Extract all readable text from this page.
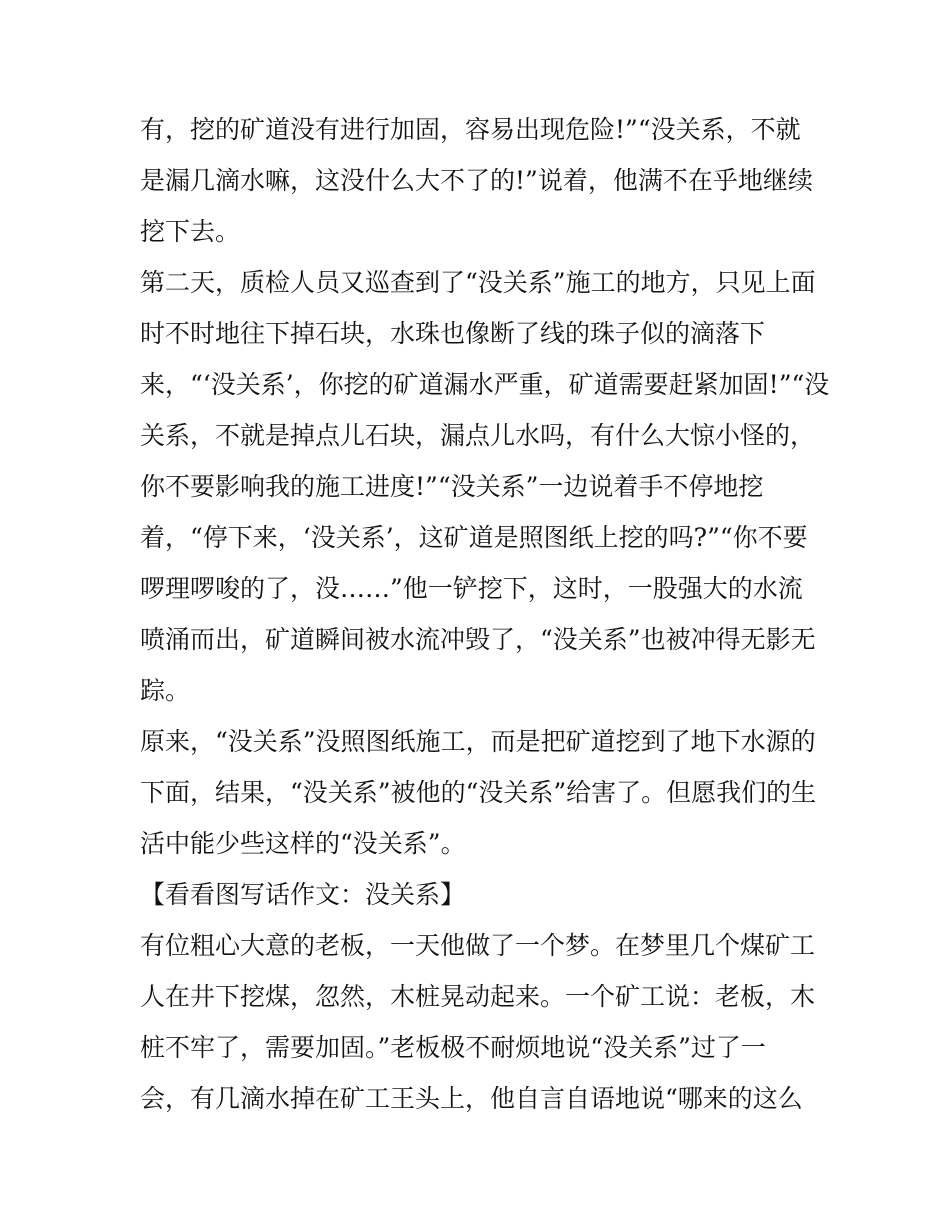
有，挖的矿道没有进行加固，容易出现危险!”“没关系，不就
是漏几滴水嘛，这没什么大不了的!”说着，他满不在乎地继续
挖下去。
第二天，质检人员又巡查到了“没关系”施工的地方，只见上面
时不时地往下掉石块，水珠也像断了线的珠子似的滴落下
来，“‘没关系’，你挖的矿道漏水严重，矿道需要赶紧加固!”“没
关系，不就是掉点儿石块，漏点儿水吗，有什么大惊小怪的，
你不要影响我的施工进度!”“没关系”一边说着手不停地挖
着，“停下来，‘没关系’，这矿道是照图纸上挖的吗?”“你不要
啰理啰唆的了，没……”他一铲挖下，这时，一股强大的水流
喷涌而出，矿道瞬间被水流冲毁了，“没关系”也被冲得无影无
踪。
原来，“没关系”没照图纸施工，而是把矿道挖到了地下水源的
下面，结果，“没关系”被他的“没关系”给害了。但愿我们的生
活中能少些这样的“没关系”。
【看看图写话作文：没关系】
有位粗心大意的老板，一天他做了一个梦。在梦里几个煤矿工
人在井下挖煤，忽然，木桩晃动起来。一个矿工说：老板，木
桩不牢了，需要加固。”老板极不耐烦地说“没关系”过了一
会，有几滴水掉在矿工王头上，他自言自语地说“哪来的这么
